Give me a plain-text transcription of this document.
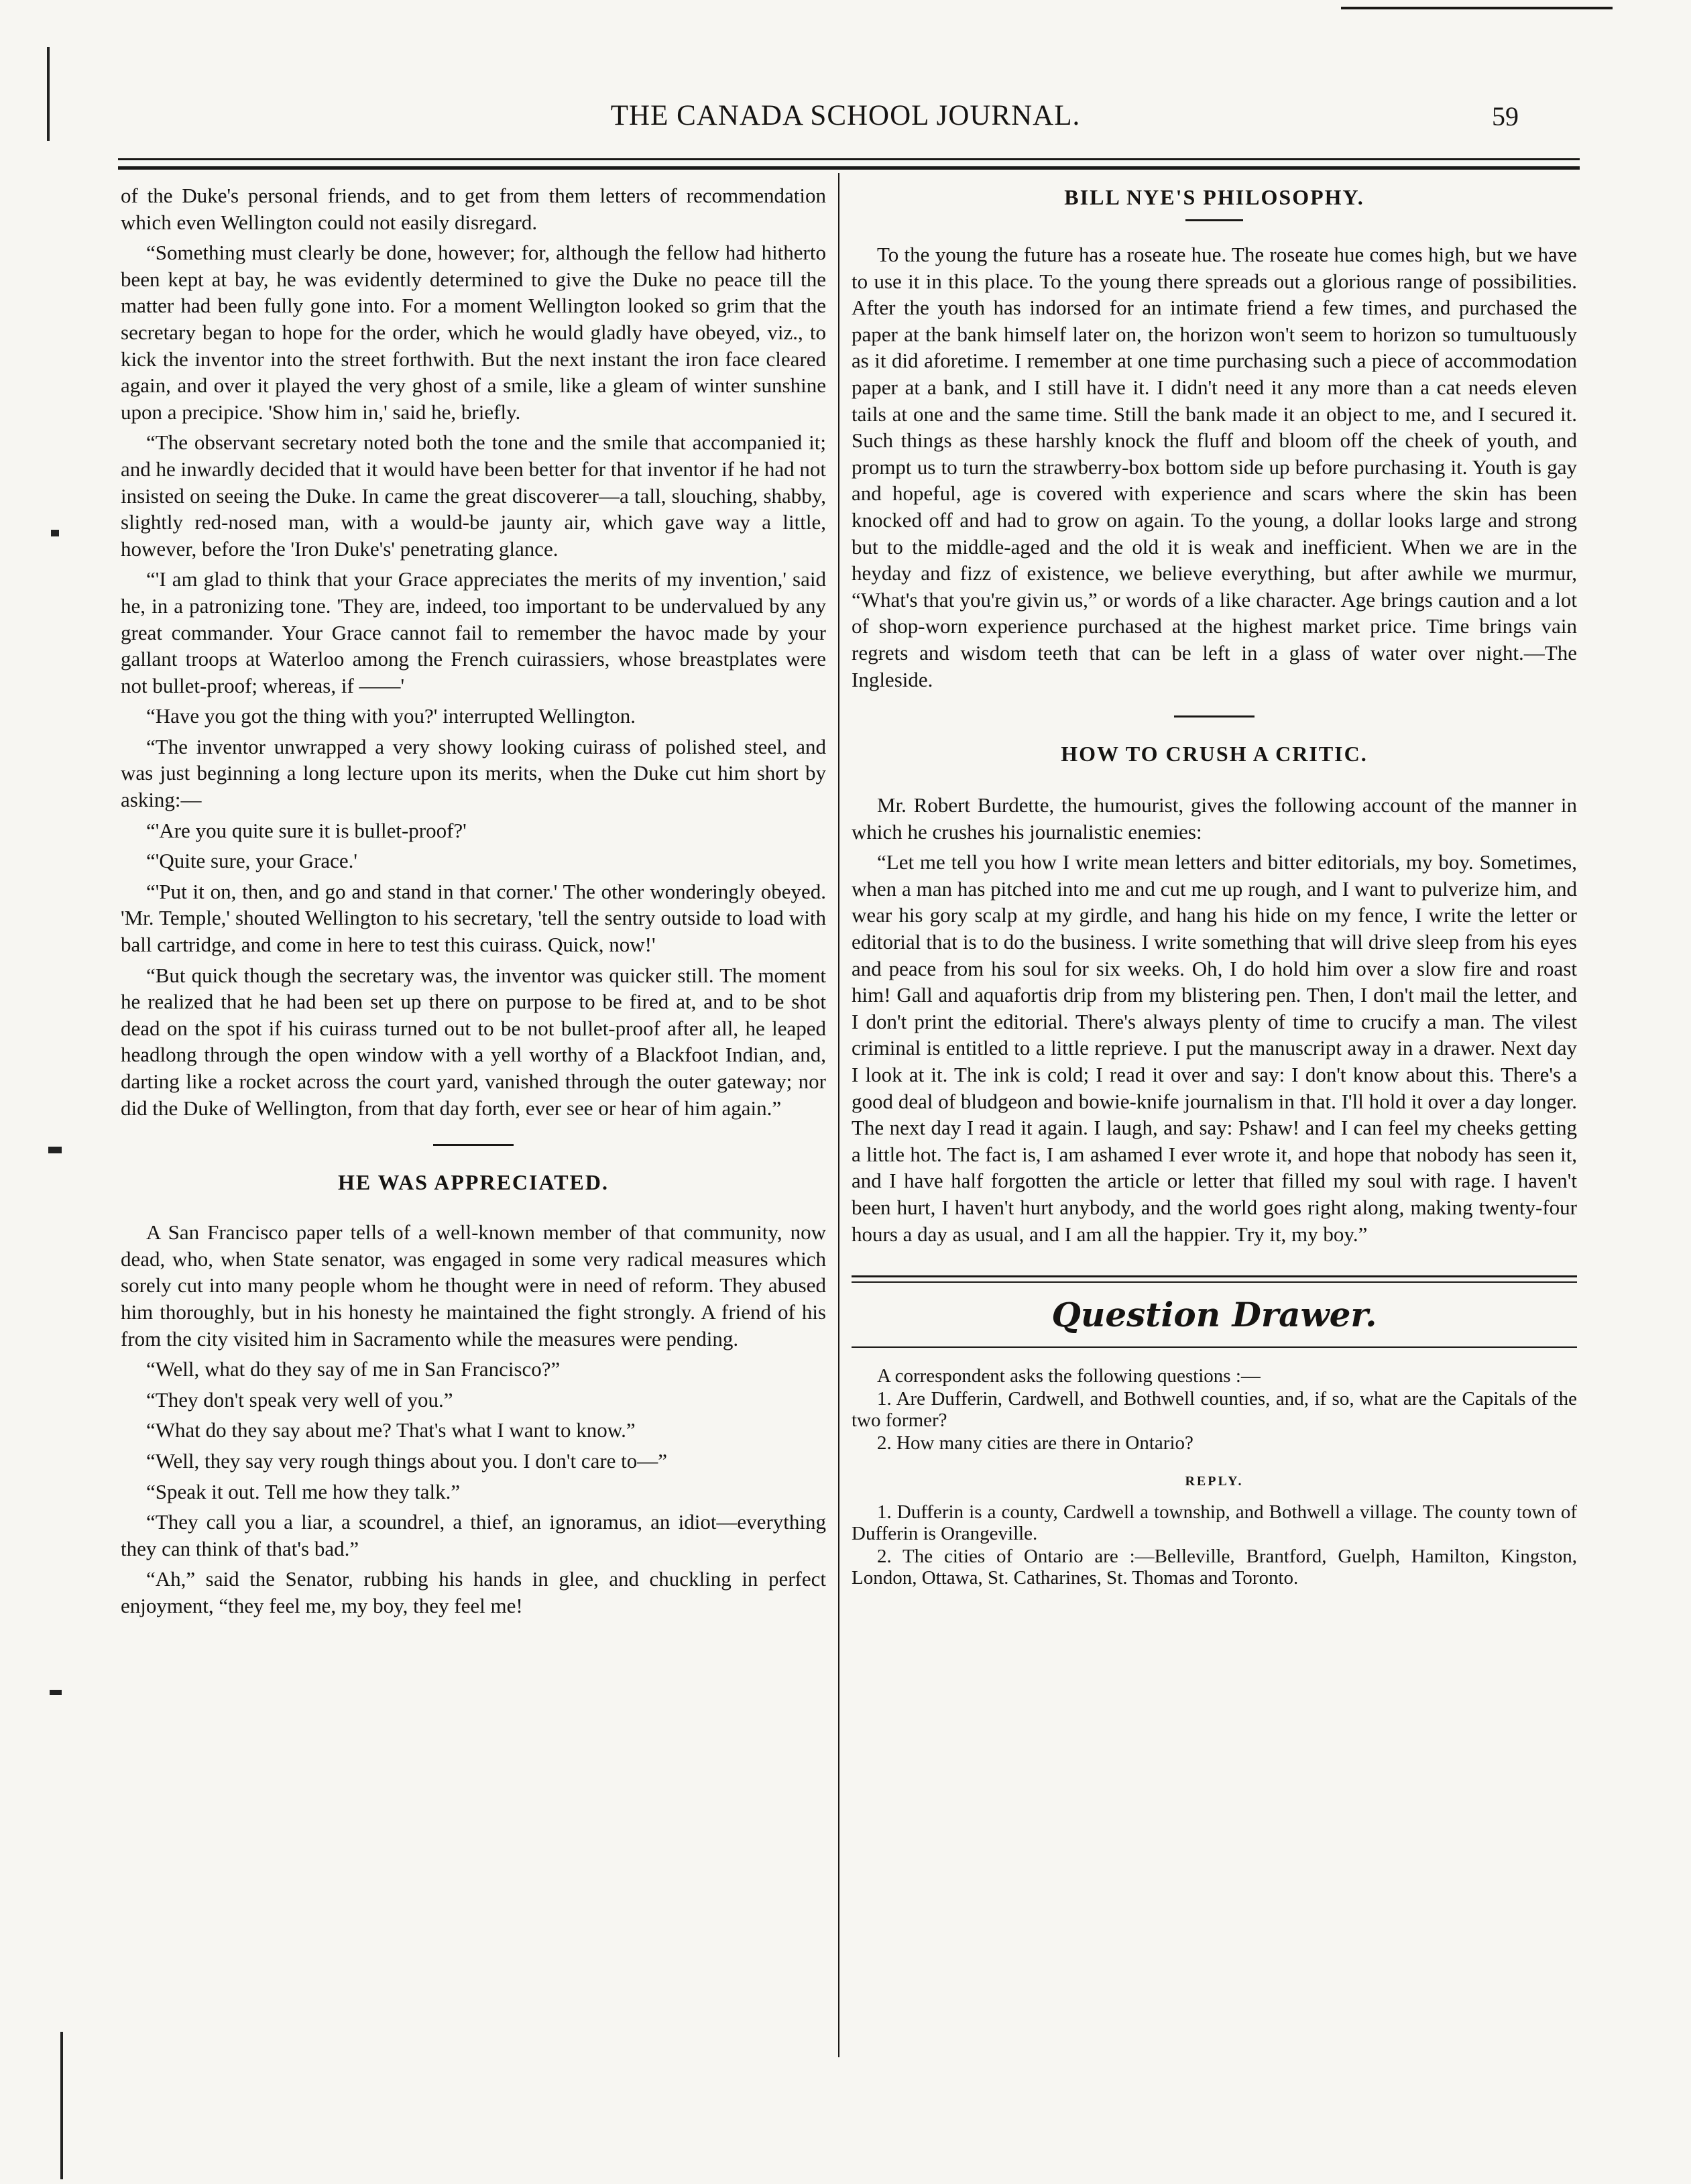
THE CANADA SCHOOL JOURNAL.	59

of the Duke's personal friends, and to get from them letters of recommendation which even Wellington could not easily disregard.

“Something must clearly be done, however; for, although the fellow had hitherto been kept at bay, he was evidently determined to give the Duke no peace till the matter had been fully gone into. For a moment Wellington looked so grim that the secretary began to hope for the order, which he would gladly have obeyed, viz., to kick the inventor into the street forthwith. But the next instant the iron face cleared again, and over it played the very ghost of a smile, like a gleam of winter sunshine upon a precipice. 'Show him in,' said he, briefly.

“The observant secretary noted both the tone and the smile that accompanied it; and he inwardly decided that it would have been better for that inventor if he had not insisted on seeing the Duke. In came the great discoverer—a tall, slouching, shabby, slightly red-nosed man, with a would-be jaunty air, which gave way a little, however, before the 'Iron Duke's' penetrating glance.

“'I am glad to think that your Grace appreciates the merits of my invention,' said he, in a patronizing tone. 'They are, indeed, too important to be undervalued by any great commander. Your Grace cannot fail to remember the havoc made by your gallant troops at Waterloo among the French cuirassiers, whose breastplates were not bullet-proof; whereas, if ——'

“Have you got the thing with you?' interrupted Wellington.

“The inventor unwrapped a very showy looking cuirass of polished steel, and was just beginning a long lecture upon its merits, when the Duke cut him short by asking:—

“'Are you quite sure it is bullet-proof?'

“'Quite sure, your Grace.'

“'Put it on, then, and go and stand in that corner.' The other wonderingly obeyed. 'Mr. Temple,' shouted Wellington to his secretary, 'tell the sentry outside to load with ball cartridge, and come in here to test this cuirass. Quick, now!'

“But quick though the secretary was, the inventor was quicker still. The moment he realized that he had been set up there on purpose to be fired at, and to be shot dead on the spot if his cuirass turned out to be not bullet-proof after all, he leaped headlong through the open window with a yell worthy of a Blackfoot Indian, and, darting like a rocket across the court yard, vanished through the outer gateway; nor did the Duke of Wellington, from that day forth, ever see or hear of him again.”

HE WAS APPRECIATED.

A San Francisco paper tells of a well-known member of that community, now dead, who, when State senator, was engaged in some very radical measures which sorely cut into many people whom he thought were in need of reform. They abused him thoroughly, but in his honesty he maintained the fight strongly. A friend of his from the city visited him in Sacramento while the measures were pending.

“Well, what do they say of me in San Francisco?”

“They don't speak very well of you.”

“What do they say about me? That's what I want to know.”

“Well, they say very rough things about you. I don't care to—”

“Speak it out. Tell me how they talk.”

“They call you a liar, a scoundrel, a thief, an ignoramus, an idiot—everything they can think of that's bad.”

“Ah,” said the Senator, rubbing his hands in glee, and chuckling in perfect enjoyment, “they feel me, my boy, they feel me!

BILL NYE'S PHILOSOPHY.

To the young the future has a roseate hue. The roseate hue comes high, but we have to use it in this place. To the young there spreads out a glorious range of possibilities. After the youth has indorsed for an intimate friend a few times, and purchased the paper at the bank himself later on, the horizon won't seem to horizon so tumultuously as it did aforetime. I remember at one time purchasing such a piece of accommodation paper at a bank, and I still have it. I didn't need it any more than a cat needs eleven tails at one and the same time. Still the bank made it an object to me, and I secured it. Such things as these harshly knock the fluff and bloom off the cheek of youth, and prompt us to turn the strawberry-box bottom side up before purchasing it. Youth is gay and hopeful, age is covered with experience and scars where the skin has been knocked off and had to grow on again. To the young, a dollar looks large and strong but to the middle-aged and the old it is weak and inefficient. When we are in the heyday and fizz of existence, we believe everything, but after awhile we murmur, “What's that you're givin us,” or words of a like character. Age brings caution and a lot of shop-worn experience purchased at the highest market price. Time brings vain regrets and wisdom teeth that can be left in a glass of water over night.—The Ingleside.

HOW TO CRUSH A CRITIC.

Mr. Robert Burdette, the humourist, gives the following account of the manner in which he crushes his journalistic enemies:

“Let me tell you how I write mean letters and bitter editorials, my boy. Sometimes, when a man has pitched into me and cut me up rough, and I want to pulverize him, and wear his gory scalp at my girdle, and hang his hide on my fence, I write the letter or editorial that is to do the business. I write something that will drive sleep from his eyes and peace from his soul for six weeks. Oh, I do hold him over a slow fire and roast him! Gall and aquafortis drip from my blistering pen. Then, I don't mail the letter, and I don't print the editorial. There's always plenty of time to crucify a man. The vilest criminal is entitled to a little reprieve. I put the manuscript away in a drawer. Next day I look at it. The ink is cold; I read it over and say: I don't know about this. There's a good deal of bludgeon and bowie-knife journalism in that. I'll hold it over a day longer. The next day I read it again. I laugh, and say: Pshaw! and I can feel my cheeks getting a little hot. The fact is, I am ashamed I ever wrote it, and hope that nobody has seen it, and I have half forgotten the article or letter that filled my soul with rage. I haven't been hurt, I haven't hurt anybody, and the world goes right along, making twenty-four hours a day as usual, and I am all the happier. Try it, my boy.”

Question Drawer.

A correspondent asks the following questions :—

1. Are Dufferin, Cardwell, and Bothwell counties, and, if so, what are the Capitals of the two former?

2. How many cities are there in Ontario?

REPLY.

1. Dufferin is a county, Cardwell a township, and Bothwell a village. The county town of Dufferin is Orangeville.

2. The cities of Ontario are :—Belleville, Brantford, Guelph, Hamilton, Kingston, London, Ottawa, St. Catharines, St. Thomas and Toronto.
